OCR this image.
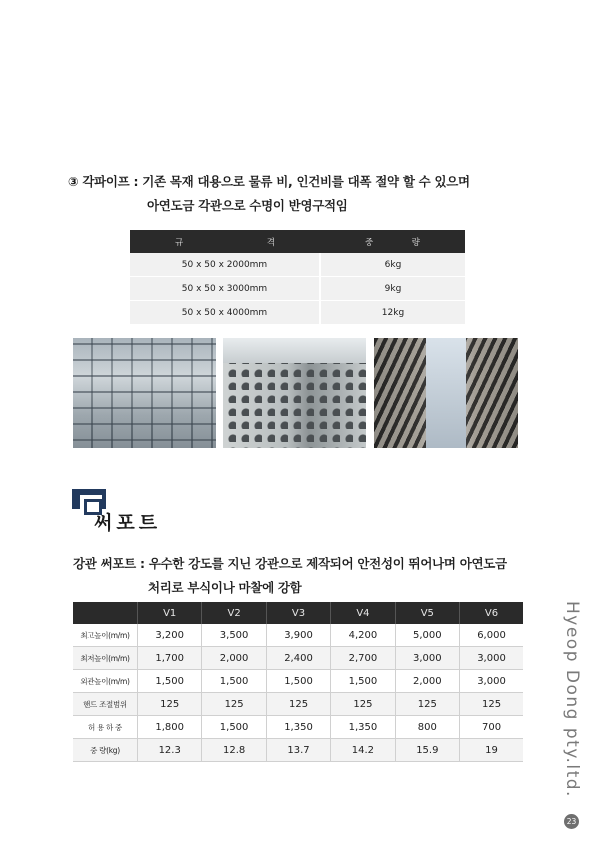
③ 각파이프 : 기존 목재 대용으로 물류 비, 인건비를 대폭 절약 할 수 있으며
아연도금 각관으로 수명이 반영구적임
규 격	중 량

50 x 50 x 2000mm	6kg
50 x 50 x 3000mm	9kg
50 x 50 x 4000mm	12kg
써포트
강관 써포트 : 우수한 강도를 지닌 강관으로 제작되어 안전성이 뛰어나며 아연도금
처리로 부식이나 마찰에 강함
	V1	V2	V3	V4	V5	V6
최고높이(m/m)	3,200	3,500	3,900	4,200	5,000	6,000
최저높이(m/m)	1,700	2,000	2,400	2,700	3,000	3,000
외관높이(m/m)	1,500	1,500	1,500	1,500	2,000	3,000
핸드 조절범위	125	125	125	125	125	125
허 용 하 중	1,800	1,500	1,350	1,350	800	700
중 량(kg)	12.3	12.8	13.7	14.2	15.9	19	Hyeop Dong pty.ltd.
23
